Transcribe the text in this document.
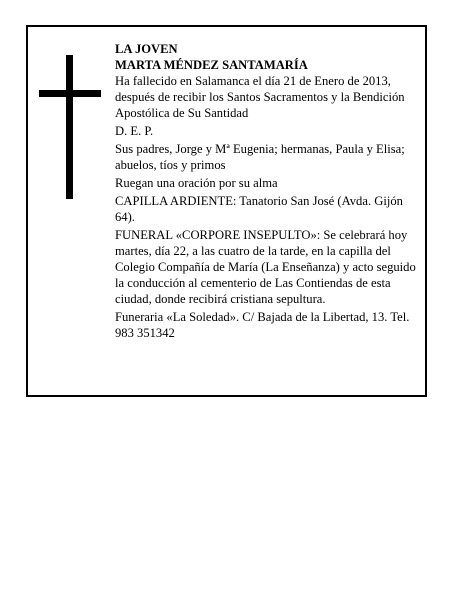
LA JOVEN

MARTA MÉNDEZ SANTAMARÍA

Ha fallecido en Salamanca el día 21 de Enero de 2013, después de recibir los Santos Sacramentos y la Bendición Apostólica de Su Santidad

D. E. P.

Sus padres, Jorge y Mª Eugenia; hermanas, Paula y Elisa; abuelos, tíos y primos

Ruegan una oración por su alma

CAPILLA ARDIENTE: Tanatorio San José (Avda. Gijón 64).

FUNERAL «CORPORE INSEPULTO»: Se celebrará hoy martes, día 22, a las cuatro de la tarde, en la capilla del Colegio Compañía de María (La Enseñanza) y acto seguido la conducción al cementerio de Las Contiendas de esta ciudad, donde recibirá cristiana sepultura.

Funeraria «La Soledad». C/ Bajada de la Libertad, 13. Tel. 983 351342
